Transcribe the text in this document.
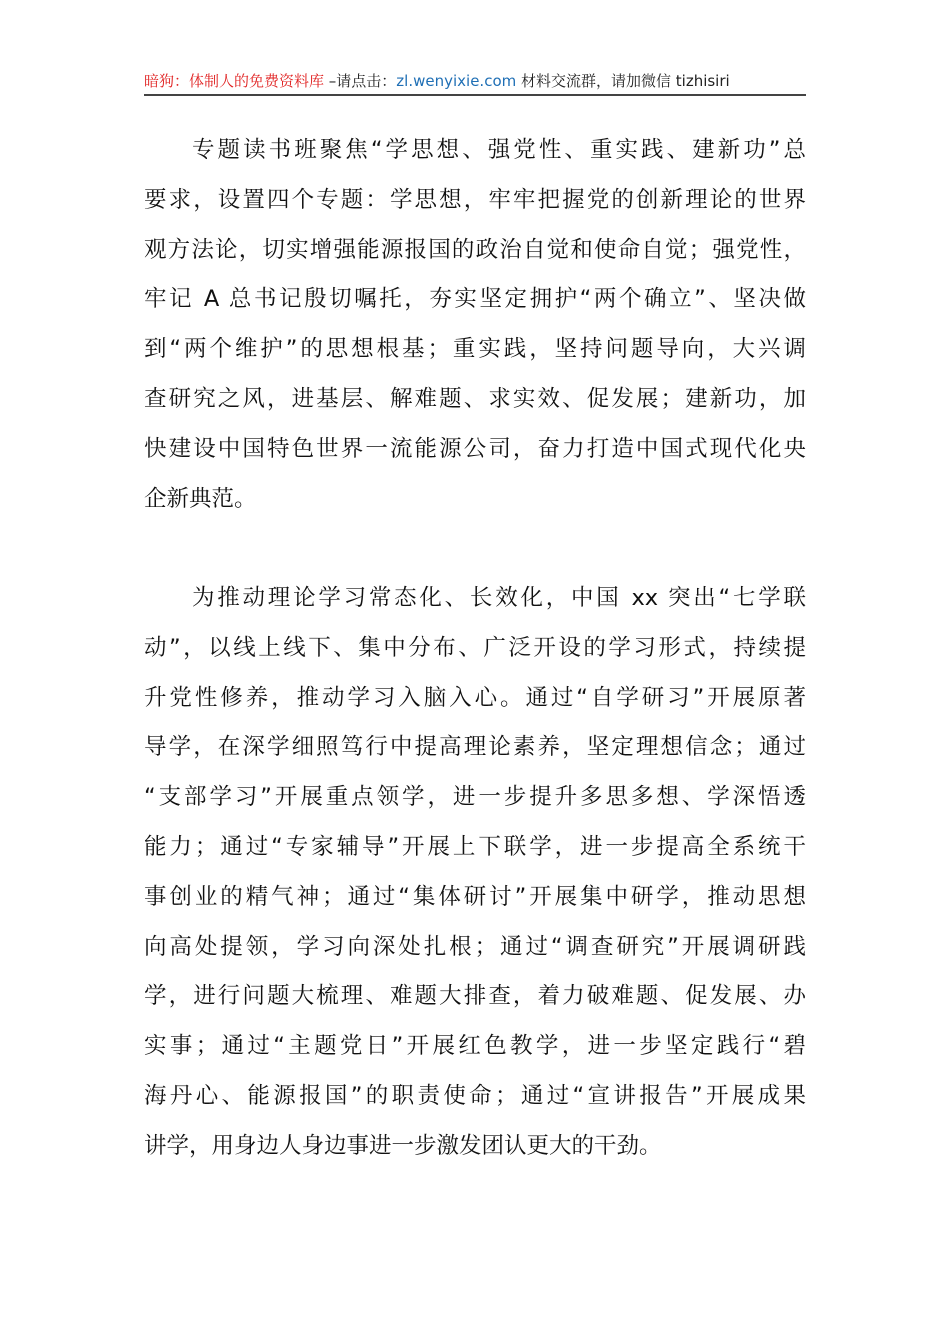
暗狗：体制人的免费资料库 –请点击：zl.wenyixie.com 材料交流群，请加微信 tizhisiri
专题读书班聚焦“学思想、强党性、重实践、建新功”总
要求，设置四个专题：学思想，牢牢把握党的创新理论的世界
观方法论，切实增强能源报国的政治自觉和使命自觉；强党性，
牢记 A 总书记殷切嘱托，夯实坚定拥护“两个确立”、坚决做
到“两个维护”的思想根基；重实践，坚持问题导向，大兴调
查研究之风，进基层、解难题、求实效、促发展；建新功，加
快建设中国特色世界一流能源公司，奋力打造中国式现代化央
企新典范。
为推动理论学习常态化、长效化，中国 xx 突出“七学联
动”，以线上线下、集中分布、广泛开设的学习形式，持续提
升党性修养，推动学习入脑入心。通过“自学研习”开展原著
导学，在深学细照笃行中提高理论素养，坚定理想信念；通过
“支部学习”开展重点领学，进一步提升多思多想、学深悟透
能力；通过“专家辅导”开展上下联学，进一步提高全系统干
事创业的精气神；通过“集体研讨”开展集中研学，推动思想
向高处提领，学习向深处扎根；通过“调查研究”开展调研践
学，进行问题大梳理、难题大排查，着力破难题、促发展、办
实事；通过“主题党日”开展红色教学，进一步坚定践行“碧
海丹心、能源报国”的职责使命；通过“宣讲报告”开展成果
讲学，用身边人身边事进一步激发团认更大的干劲。
